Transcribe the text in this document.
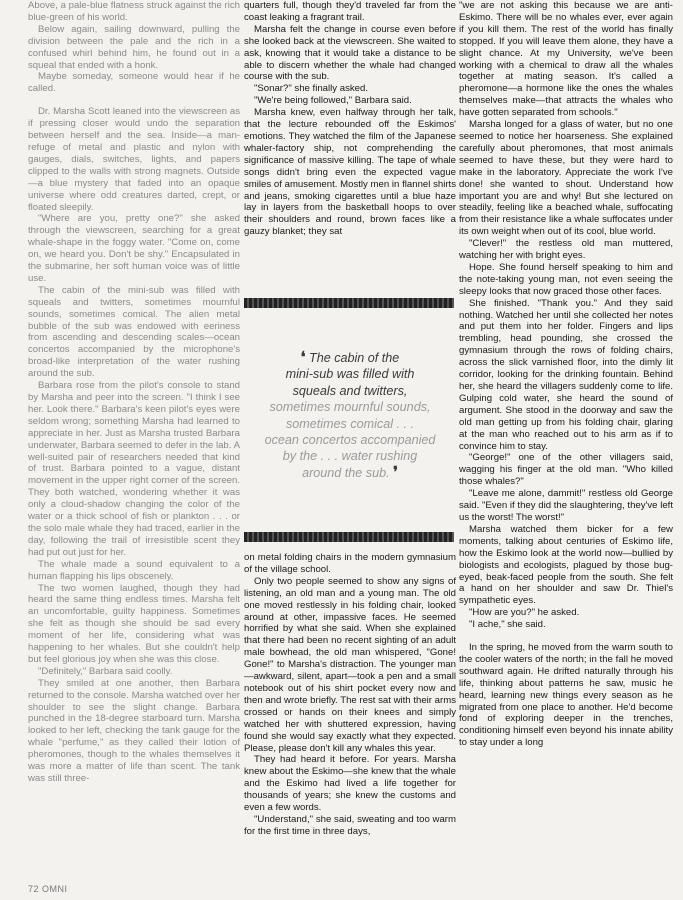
Above, a pale-blue flatness struck against the rich blue-green of his world.

Below again, sailing downward, pulling the division between the pale and the rich in a confused whirl behind him, he found out in a squeal that ended with a honk.

Maybe someday, someone would hear if he called.

Dr. Marsha Scott leaned into the viewscreen as if pressing closer would undo the separation between herself and the sea. Inside—a man-refuge of metal and plastic and nylon with gauges, dials, switches, lights, and papers clipped to the walls with strong magnets. Outside—a blue mystery that faded into an opaque universe where odd creatures darted, crept, or floated sleepily.

"Where are you, pretty one?" she asked through the viewscreen, searching for a great whale-shape in the foggy water. "Come on, come on, we heard you. Don't be shy." Encapsulated in the submarine, her soft human voice was of little use.

The cabin of the mini-sub was filled with squeals and twitters, sometimes mournful sounds, sometimes comical. The alien metal bubble of the sub was endowed with eeriness from ascending and descending scales—ocean concertos accompanied by the microphone's broad-like interpretation of the water rushing around the sub.

Barbara rose from the pilot's console to stand by Marsha and peer into the screen. "I think I see her. Look there." Barbara's keen pilot's eyes were seldom wrong; something Marsha had learned to appreciate in her. Just as Marsha trusted Barbara underwater, Barbara seemed to defer in the lab. A well-suited pair of researchers needed that kind of trust. Barbara pointed to a vague, distant movement in the upper right corner of the screen. They both watched, wondering whether it was only a cloud-shadow changing the color of the water or a thick school of fish or plankton . . . or the solo male whale they had traced, earlier in the day, following the trail of irresistible scent they had put out just for her.

The whale made a sound equivalent to a human flapping his lips obscenely.

The two women laughed, though they had heard the same thing endless times. Marsha felt an uncomfortable, guilty happiness. Sometimes she felt as though she should be sad every moment of her life, considering what was happening to her whales. But she couldn't help but feel glorious joy when she was this close.

"Definitely," Barbara said coolly.

They smiled at one another, then Barbara returned to the console. Marsha watched over her shoulder to see the slight change. Barbara punched in the 18-degree starboard turn. Marsha looked to her left, checking the tank gauge for the whale "perfume," as they called their lotion of pheromones, though to the whales themselves it was more a matter of life than scent. The tank was still three-

quarters full, though they'd traveled far from the coast leaking a fragrant trail.

Marsha felt the change in course even before she looked back at the viewscreen. She waited to ask, knowing that it would take a distance to be able to discern whether the whale had changed course with the sub.

"Sonar?" she finally asked.

"We're being followed," Barbara said.

Marsha knew, even halfway through her talk, that the lecture rebounded off the Eskimos' emotions. They watched the film of the Japanese whaler-factory ship, not comprehending the significance of massive killing. The tape of whale songs didn't bring even the expected vague smiles of amusement. Mostly men in flannel shirts and jeans, smoking cigarettes until a blue haze lay in layers from the basketball hoops to over their shoulders and round, brown faces like a gauzy blanket; they sat

❛ The cabin of the
mini-sub was filled with
squeals and twitters,
sometimes mournful sounds,
sometimes comical . . .
ocean concertos accompanied
by the . . . water rushing
around the sub. ❜

on metal folding chairs in the modern gymnasium of the village school.

Only two people seemed to show any signs of listening, an old man and a young man. The old one moved restlessly in his folding chair, looked around at other, impassive faces. He seemed horrified by what she said. When she explained that there had been no recent sighting of an adult male bowhead, the old man whispered, "Gone! Gone!" to Marsha's distraction. The younger man—awkward, silent, apart—took a pen and a small notebook out of his shirt pocket every now and then and wrote briefly. The rest sat with their arms crossed or hands on their knees and simply watched her with shuttered expression, having found she would say exactly what they expected. Please, please don't kill any whales this year.

They had heard it before. For years. Marsha knew about the Eskimo—she knew that the whale and the Eskimo had lived a life together for thousands of years; she knew the customs and even a few words.

"Understand," she said, sweating and too warm for the first time in three days,

"we are not asking this because we are anti-Eskimo. There will be no whales ever, ever again if you kill them. The rest of the world has finally stopped. If you will leave them alone, they have a slight chance. At my University, we've been working with a chemical to draw all the whales together at mating season. It's called a pheromone—a hormone like the ones the whales themselves make—that attracts the whales who have gotten separated from schools."

Marsha longed for a glass of water, but no one seemed to notice her hoarseness. She explained carefully about pheromones, that most animals seemed to have these, but they were hard to make in the laboratory. Appreciate the work I've done! she wanted to shout. Understand how important you are and why! But she lectured on steadily, feeling like a beached whale, suffocating from their resistance like a whale suffocates under its own weight when out of its cool, blue world.

"Clever!" the restless old man muttered, watching her with bright eyes.

Hope. She found herself speaking to him and the note-taking young man, not even seeing the sleepy looks that now graced those other faces.

She finished. "Thank you." And they said nothing. Watched her until she collected her notes and put them into her folder. Fingers and lips trembling, head pounding, she crossed the gymnasium through the rows of folding chairs, across the slick varnished floor, into the dimly lit corridor, looking for the drinking fountain. Behind her, she heard the villagers suddenly come to life. Gulping cold water, she heard the sound of argument. She stood in the doorway and saw the old man getting up from his folding chair, glaring at the man who reached out to his arm as if to convince him to stay.

"George!" one of the other villagers said, wagging his finger at the old man. "Who killed those whales?"

"Leave me alone, dammit!" restless old George said. "Even if they did the slaughtering, they've left us the worst! The worst!"

Marsha watched them bicker for a few moments, talking about centuries of Eskimo life, how the Eskimo look at the world now—bullied by biologists and ecologists, plagued by those bug-eyed, beak-faced people from the south. She felt a hand on her shoulder and saw Dr. Thiel's sympathetic eyes.

"How are you?" he asked.

"I ache," she said.

In the spring, he moved from the warm south to the cooler waters of the north; in the fall he moved southward again. He drifted naturally through his life, thinking about patterns he saw, music he heard, learning new things every season as he migrated from one place to another. He'd become fond of exploring deeper in the trenches, conditioning himself even beyond his innate ability to stay under a long

72 OMNI
